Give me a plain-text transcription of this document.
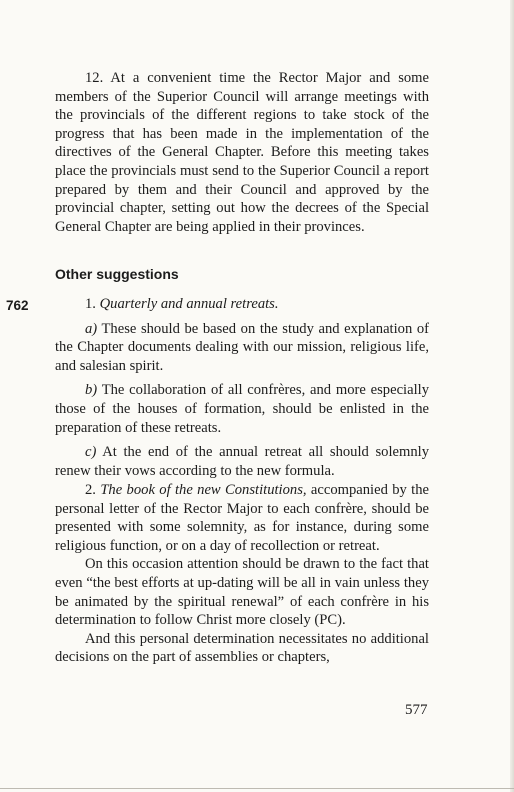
12. At a convenient time the Rector Major and some members of the Superior Council will arrange meetings with the provincials of the different regions to take stock of the progress that has been made in the implementation of the directives of the General Chapter. Before this meeting takes place the provincials must send to the Superior Council a report prepared by them and their Council and approved by the provincial chapter, setting out how the decrees of the Special General Chapter are being applied in their provinces.

Other suggestions
762	1. Quarterly and annual retreats.

a) These should be based on the study and explanation of the Chapter documents dealing with our mission, religious life, and salesian spirit.

b) The collaboration of all confrères, and more especially those of the houses of formation, should be enlisted in the preparation of these retreats.

c) At the end of the annual retreat all should solemnly renew their vows according to the new formula.

2. The book of the new Constitutions, accompanied by the personal letter of the Rector Major to each confrère, should be presented with some solemnity, as for instance, during some religious function, or on a day of recollection or retreat.

On this occasion attention should be drawn to the fact that even “the best efforts at up-dating will be all in vain unless they be animated by the spiritual renewal” of each confrère in his determination to follow Christ more closely (PC).

And this personal determination necessitates no additional decisions on the part of assemblies or chapters,

577
